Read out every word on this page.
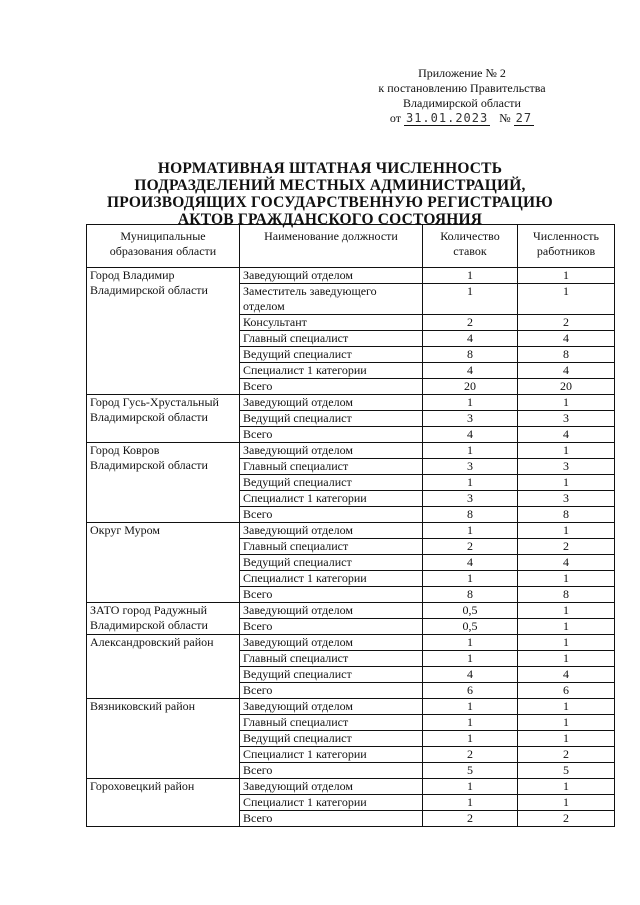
Приложение № 2
к постановлению Правительства
Владимирской области
от 31.01.2023 № 27
НОРМАТИВНАЯ ШТАТНАЯ ЧИСЛЕННОСТЬ
ПОДРАЗДЕЛЕНИЙ МЕСТНЫХ АДМИНИСТРАЦИЙ,
ПРОИЗВОДЯЩИХ ГОСУДАРСТВЕННУЮ РЕГИСТРАЦИЮ
АКТОВ ГРАЖДАНСКОГО СОСТОЯНИЯ
Муниципальные образования области	Наименование должности	Количество ставок	Численность работников
Город Владимир Владимирской области	Заведующий отделом	1	1
	Заместитель заведующего отделом	1	1
	Консультант	2	2
	Главный специалист	4	4
	Ведущий специалист	8	8
	Специалист 1 категории	4	4
	Всего	20	20
Город Гусь-Хрустальный Владимирской области	Заведующий отделом	1	1
	Ведущий специалист	3	3
	Всего	4	4
Город Ковров Владимирской области	Заведующий отделом	1	1
	Главный специалист	3	3
	Ведущий специалист	1	1
	Специалист 1 категории	3	3
	Всего	8	8
Округ Муром	Заведующий отделом	1	1
	Главный специалист	2	2
	Ведущий специалист	4	4
	Специалист 1 категории	1	1
	Всего	8	8
ЗАТО город Радужный Владимирской области	Заведующий отделом	0,5	1
	Всего	0,5	1
Александровский район	Заведующий отделом	1	1
	Главный специалист	1	1
	Ведущий специалист	4	4
	Всего	6	6
Вязниковский район	Заведующий отделом	1	1
	Главный специалист	1	1
	Ведущий специалист	1	1
	Специалист 1 категории	2	2
	Всего	5	5
Гороховецкий район	Заведующий отделом	1	1
	Специалист 1 категории	1	1
	Всего	2	2
